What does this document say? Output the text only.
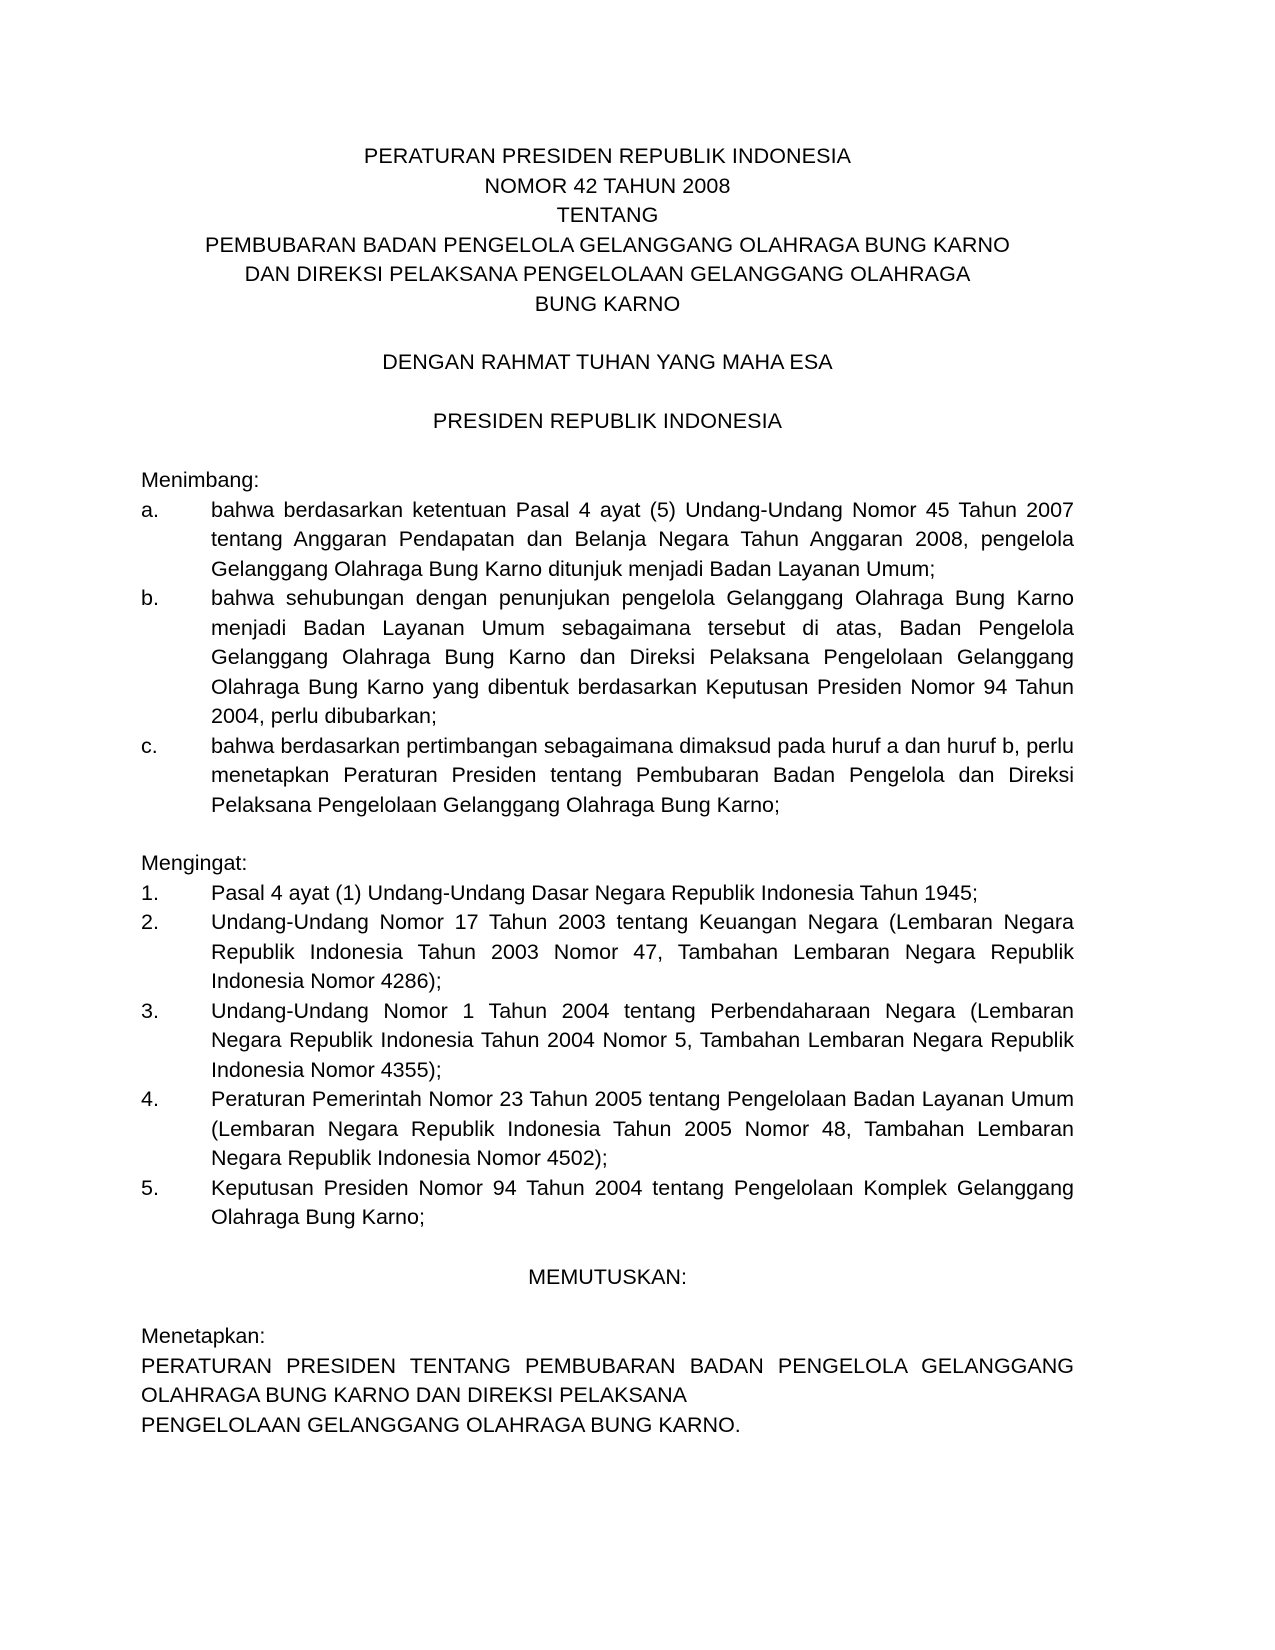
PERATURAN PRESIDEN REPUBLIK INDONESIA
NOMOR 42 TAHUN 2008
TENTANG
PEMBUBARAN BADAN PENGELOLA GELANGGANG OLAHRAGA BUNG KARNO
DAN DIREKSI PELAKSANA PENGELOLAAN GELANGGANG OLAHRAGA
BUNG KARNO
DENGAN RAHMAT TUHAN YANG MAHA ESA
PRESIDEN REPUBLIK INDONESIA
Menimbang:
a.	bahwa berdasarkan ketentuan Pasal 4 ayat (5) Undang-Undang Nomor 45 Tahun 2007 tentang Anggaran Pendapatan dan Belanja Negara Tahun Anggaran 2008, pengelola Gelanggang Olahraga Bung Karno ditunjuk menjadi Badan Layanan Umum;
b.	bahwa sehubungan dengan penunjukan pengelola Gelanggang Olahraga Bung Karno menjadi Badan Layanan Umum sebagaimana tersebut di atas, Badan Pengelola Gelanggang Olahraga Bung Karno dan Direksi Pelaksana Pengelolaan Gelanggang Olahraga Bung Karno yang dibentuk berdasarkan Keputusan Presiden Nomor 94 Tahun 2004, perlu dibubarkan;
c.	bahwa berdasarkan pertimbangan sebagaimana dimaksud pada huruf a dan huruf b, perlu menetapkan Peraturan Presiden tentang Pembubaran Badan Pengelola dan Direksi Pelaksana Pengelolaan Gelanggang Olahraga Bung Karno;
Mengingat:
1.	Pasal 4 ayat (1) Undang-Undang Dasar Negara Republik Indonesia Tahun 1945;
2.	Undang-Undang Nomor 17 Tahun 2003 tentang Keuangan Negara (Lembaran Negara Republik Indonesia Tahun 2003 Nomor 47, Tambahan Lembaran Negara Republik Indonesia Nomor 4286);
3.	Undang-Undang Nomor 1 Tahun 2004 tentang Perbendaharaan Negara (Lembaran Negara Republik Indonesia Tahun 2004 Nomor 5, Tambahan Lembaran Negara Republik Indonesia Nomor 4355);
4.	Peraturan Pemerintah Nomor 23 Tahun 2005 tentang Pengelolaan Badan Layanan Umum (Lembaran Negara Republik Indonesia Tahun 2005 Nomor 48, Tambahan Lembaran Negara Republik Indonesia Nomor 4502);
5.	Keputusan Presiden Nomor 94 Tahun 2004 tentang Pengelolaan Komplek Gelanggang Olahraga Bung Karno;
MEMUTUSKAN:
Menetapkan:
PERATURAN PRESIDEN TENTANG PEMBUBARAN BADAN PENGELOLA GELANGGANG OLAHRAGA BUNG KARNO DAN DIREKSI PELAKSANA
PENGELOLAAN GELANGGANG OLAHRAGA BUNG KARNO.
